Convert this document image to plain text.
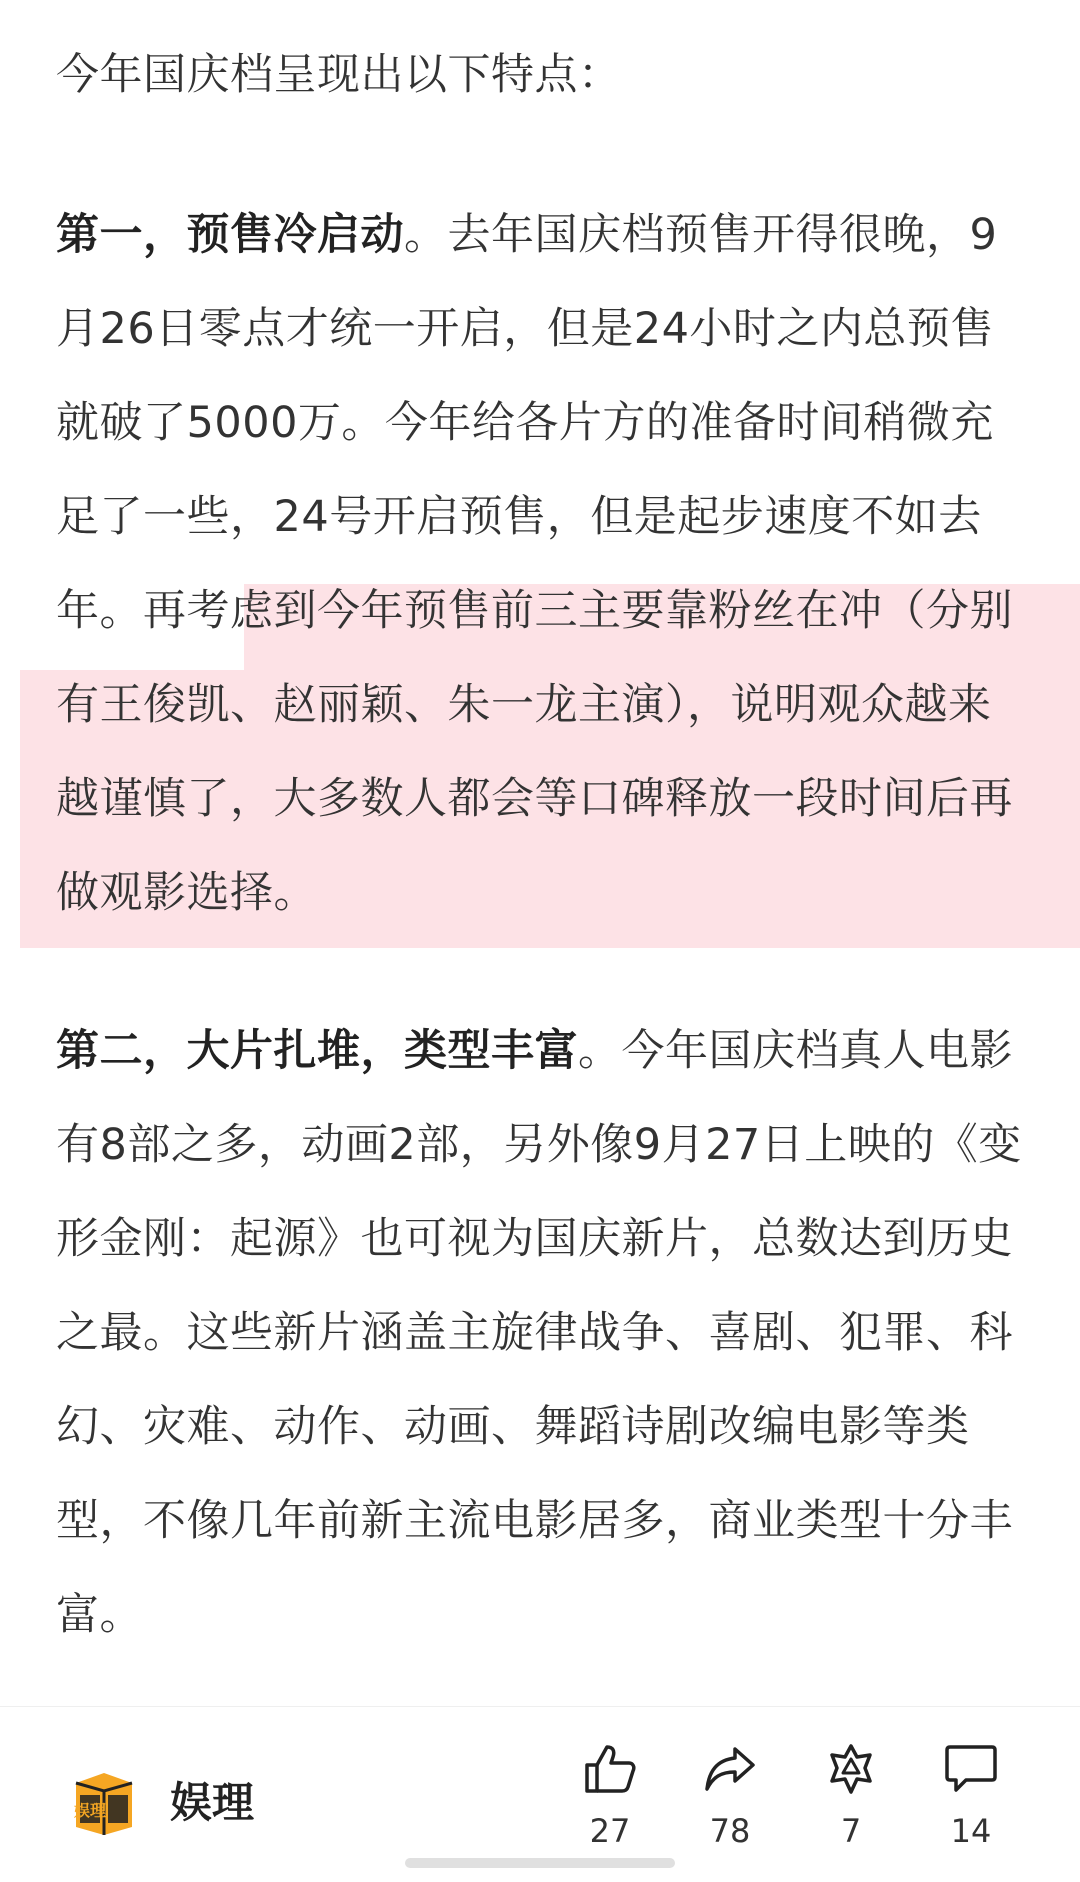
今年国庆档呈现出以下特点：

第一，预售冷启动。去年国庆档预售开得很晚，9月26日零点才统一开启，但是24小时之内总预售就破了5000万。今年给各片方的准备时间稍微充足了一些，24号开启预售，但是起步速度不如去年。再考虑到今年预售前三主要靠粉丝在冲（分别有王俊凯、赵丽颖、朱一龙主演），说明观众越来越谨慎了，大多数人都会等口碑释放一段时间后再做观影选择。

第二，大片扎堆，类型丰富。今年国庆档真人电影有8部之多，动画2部，另外像9月27日上映的《变形金刚：起源》也可视为国庆新片，总数达到历史之最。这些新片涵盖主旋律战争、喜剧、犯罪、科幻、灾难、动作、动画、舞蹈诗剧改编电影等类型，不像几年前新主流电影居多，商业类型十分丰富。

娱理 娱理
27	78	7	14
